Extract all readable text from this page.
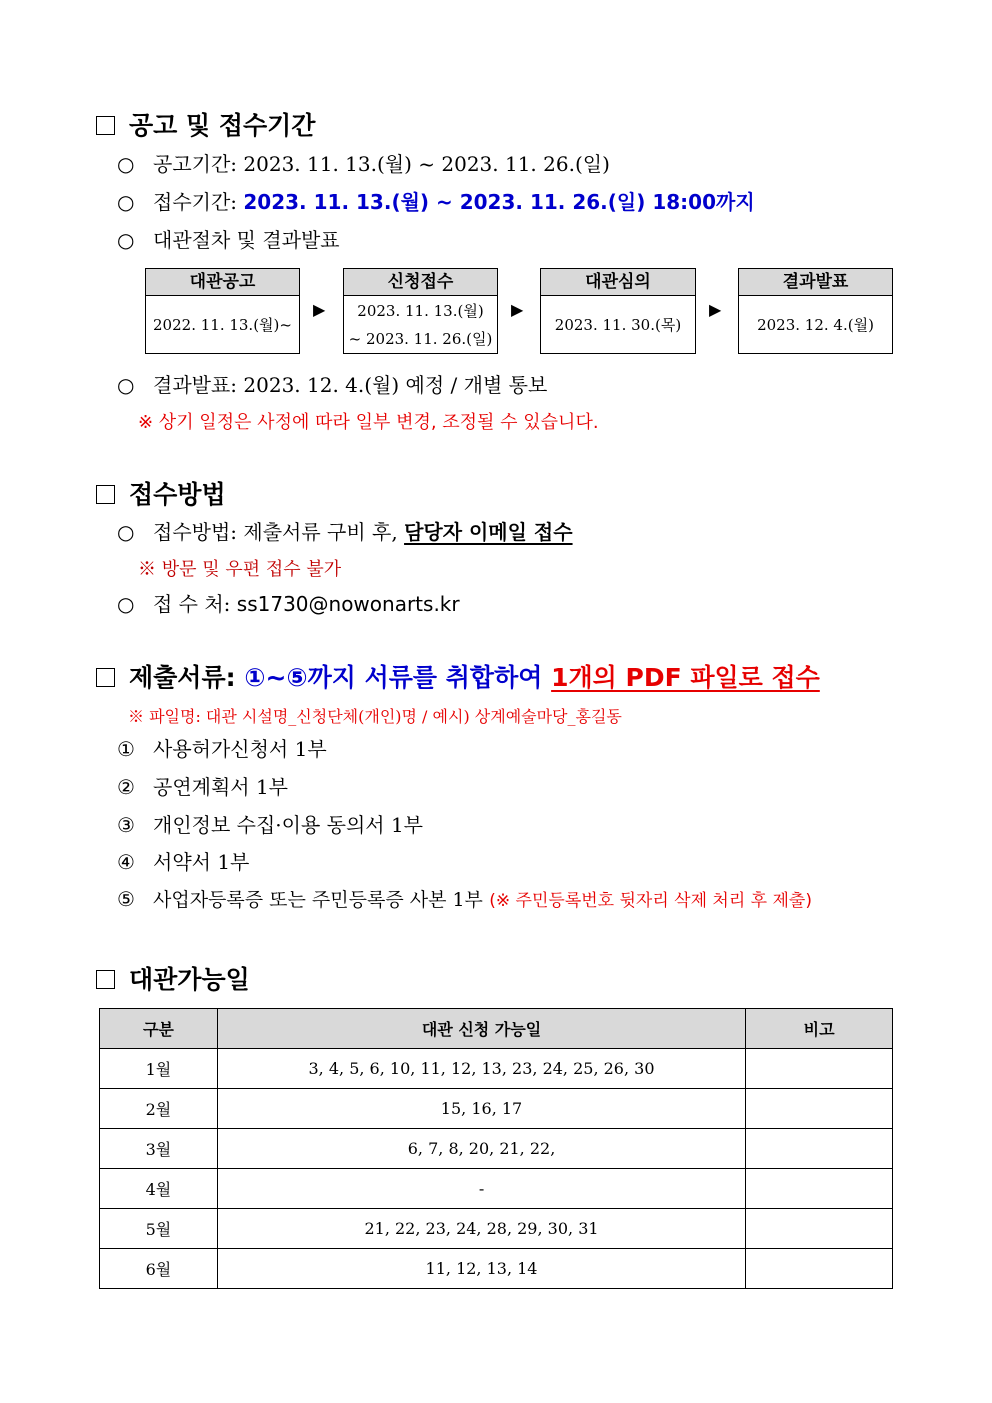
공고 및 접수기간
○ 공고기간: 2023. 11. 13.(월) ~ 2023. 11. 26.(일)
○ 접수기간: 2023. 11. 13.(월) ~ 2023. 11. 26.(일) 18:00까지
○ 대관절차 및 결과발표
대관공고
2022. 11. 13.(월)~
▶
신청접수
2023. 11. 13.(월)
~ 2023. 11. 26.(일)
▶
대관심의
2023. 11. 30.(목)
▶
결과발표
2023. 12. 4.(월)
○ 결과발표: 2023. 12. 4.(월) 예정 / 개별 통보
※ 상기 일정은 사정에 따라 일부 변경, 조정될 수 있습니다.
접수방법
○ 접수방법: 제출서류 구비 후, 담당자 이메일 접수
※ 방문 및 우편 접수 불가
○ 접 수 처: ss1730@nowonarts.kr
제출서류: ①~⑤까지 서류를 취합하여 1개의 PDF 파일로 접수
※ 파일명: 대관 시설명_신청단체(개인)명 / 예시) 상계예술마당_홍길동
① 사용허가신청서 1부
② 공연계획서 1부
③ 개인정보 수집·이용 동의서 1부
④ 서약서 1부
⑤ 사업자등록증 또는 주민등록증 사본 1부 (※ 주민등록번호 뒷자리 삭제 처리 후 제출)
대관가능일
구분	대관 신청 가능일	비고
1월	3, 4, 5, 6, 10, 11, 12, 13, 23, 24, 25, 26, 30	
2월	15, 16, 17	
3월	6, 7, 8, 20, 21, 22,	
4월	-	
5월	21, 22, 23, 24, 28, 29, 30, 31	
6월	11, 12, 13, 14	
